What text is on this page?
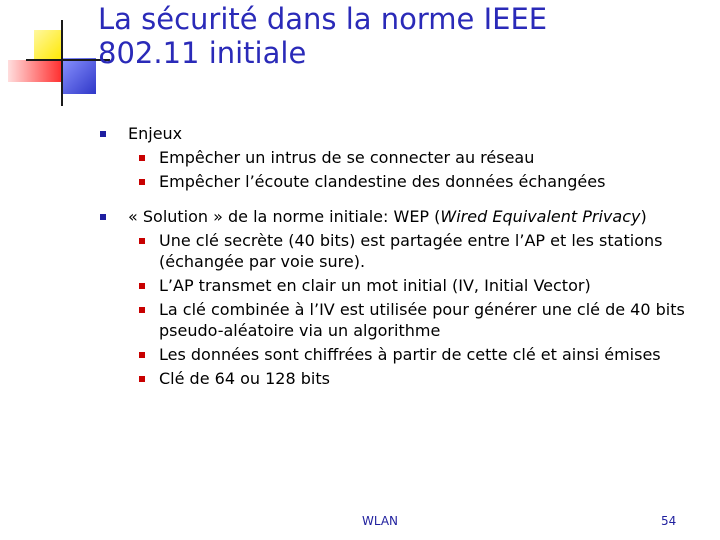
La sécurité dans la norme IEEE
802.11 initiale
Enjeux
Empêcher un intrus de se connecter au réseau
Empêcher l’écoute clandestine des données échangées
« Solution » de la norme initiale: WEP (Wired Equivalent Privacy)
Une clé secrète (40 bits) est partagée entre l’AP et les stations (échangée par voie sure).
L’AP transmet en clair un mot initial (IV, Initial Vector)
La clé combinée à l’IV est utilisée pour générer une clé de 40 bits pseudo-aléatoire via un algorithme
Les données sont chiffrées à partir de cette clé et ainsi émises
Clé de 64 ou 128 bits
WLAN	54
